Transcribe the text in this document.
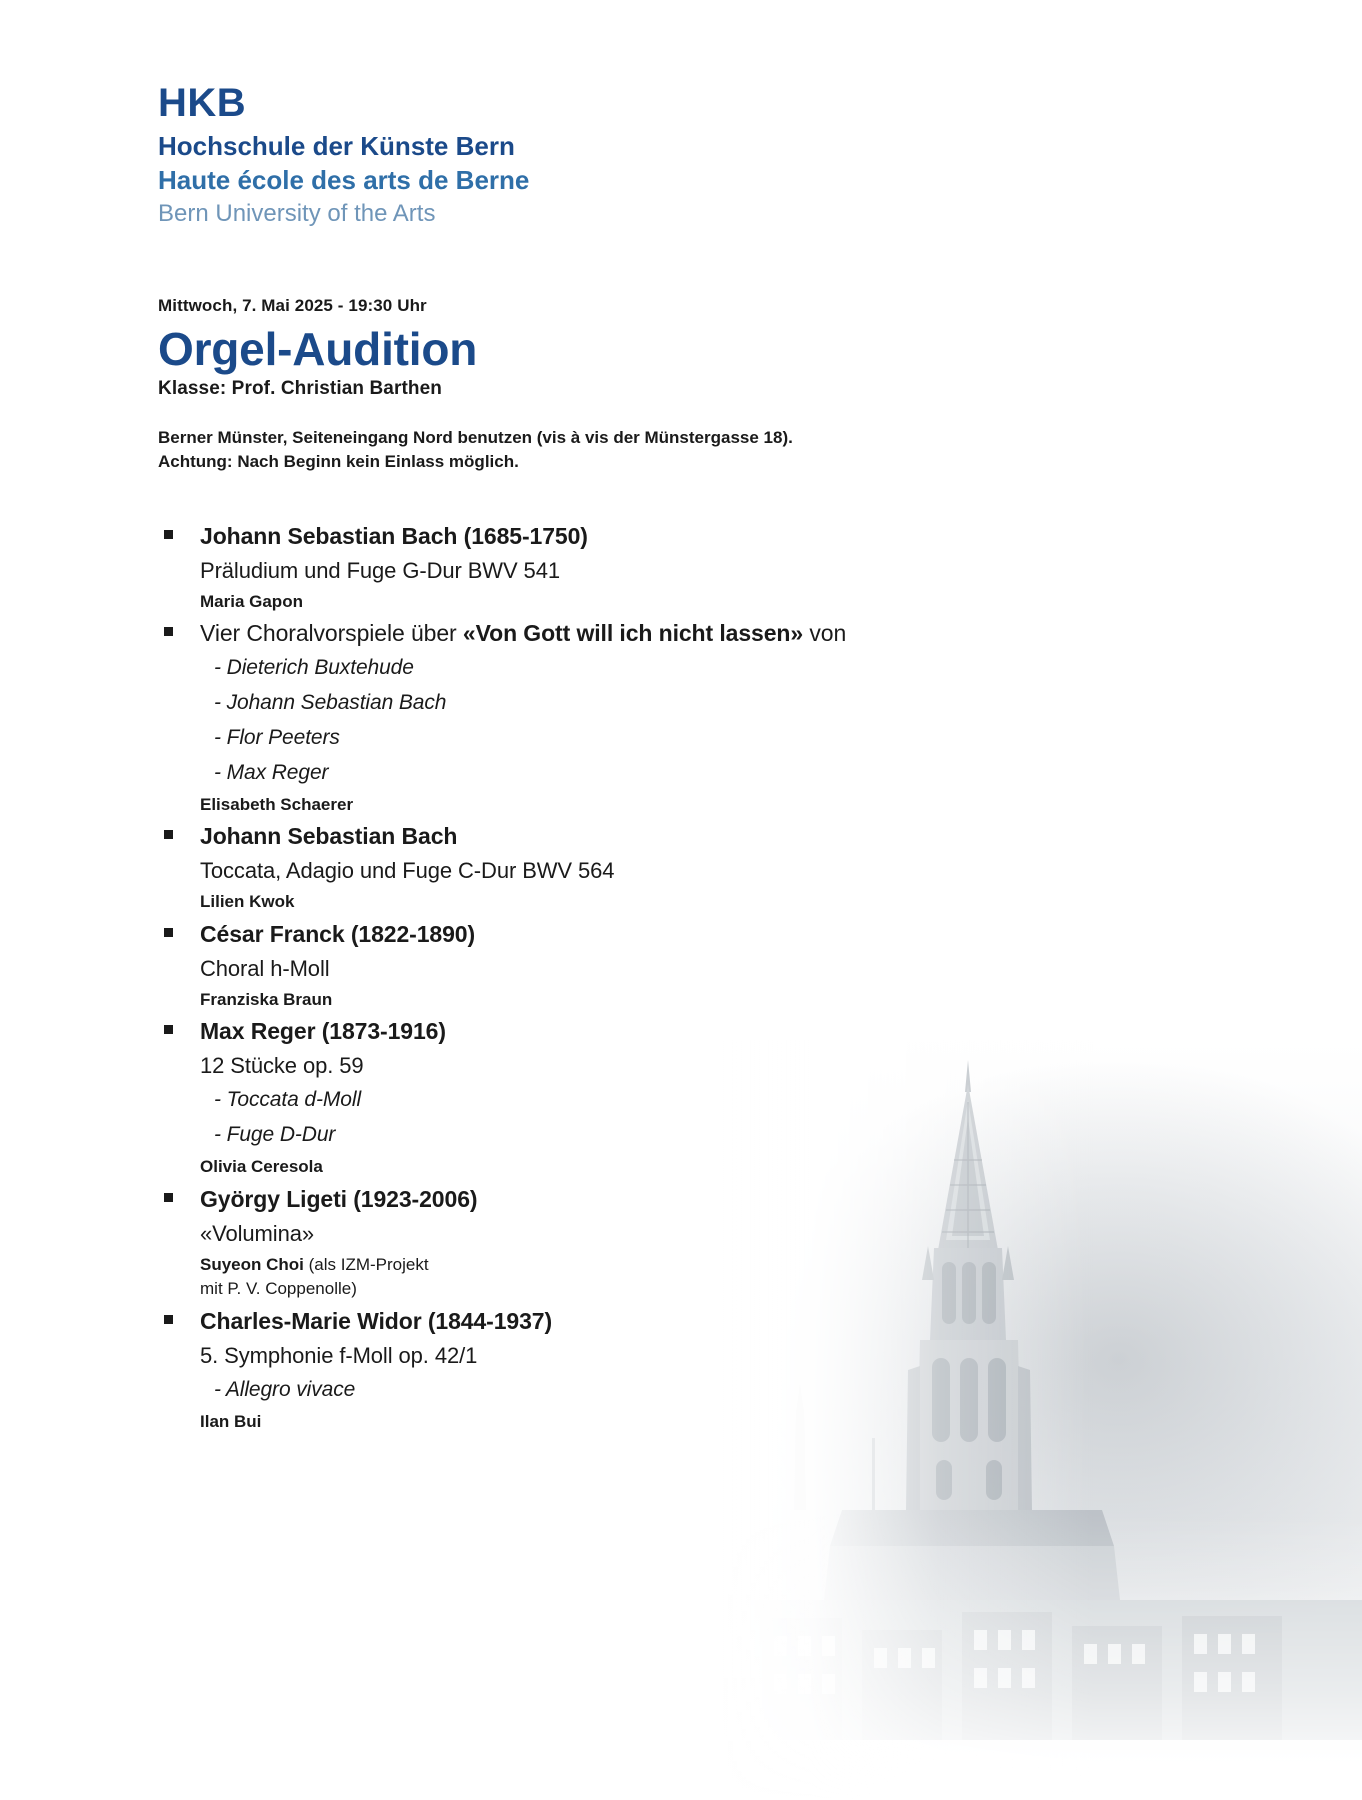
HKB
Hochschule der Künste Bern
Haute école des arts de Berne
Bern University of the Arts
Mittwoch, 7. Mai 2025 - 19:30 Uhr
Orgel-Audition
Klasse: Prof. Christian Barthen
Berner Münster, Seiteneingang Nord benutzen (vis à vis der Münstergasse 18).
Achtung: Nach Beginn kein Einlass möglich.
Johann Sebastian Bach (1685-1750)
Präludium und Fuge G-Dur BWV 541
Maria Gapon
Vier Choralvorspiele über «Von Gott will ich nicht lassen» von
- Dieterich Buxtehude
- Johann Sebastian Bach
- Flor Peeters
- Max Reger
Elisabeth Schaerer
Johann Sebastian Bach
Toccata, Adagio und Fuge C-Dur BWV 564
Lilien Kwok
César Franck (1822-1890)
Choral h-Moll
Franziska Braun
Max Reger (1873-1916)
12 Stücke op. 59
- Toccata d-Moll
- Fuge D-Dur
Olivia Ceresola
György Ligeti (1923-2006)
«Volumina»
Suyeon Choi (als IZM-Projekt
mit P. V. Coppenolle)
Charles-Marie Widor (1844-1937)
5. Symphonie f-Moll op. 42/1
- Allegro vivace
Ilan Bui
